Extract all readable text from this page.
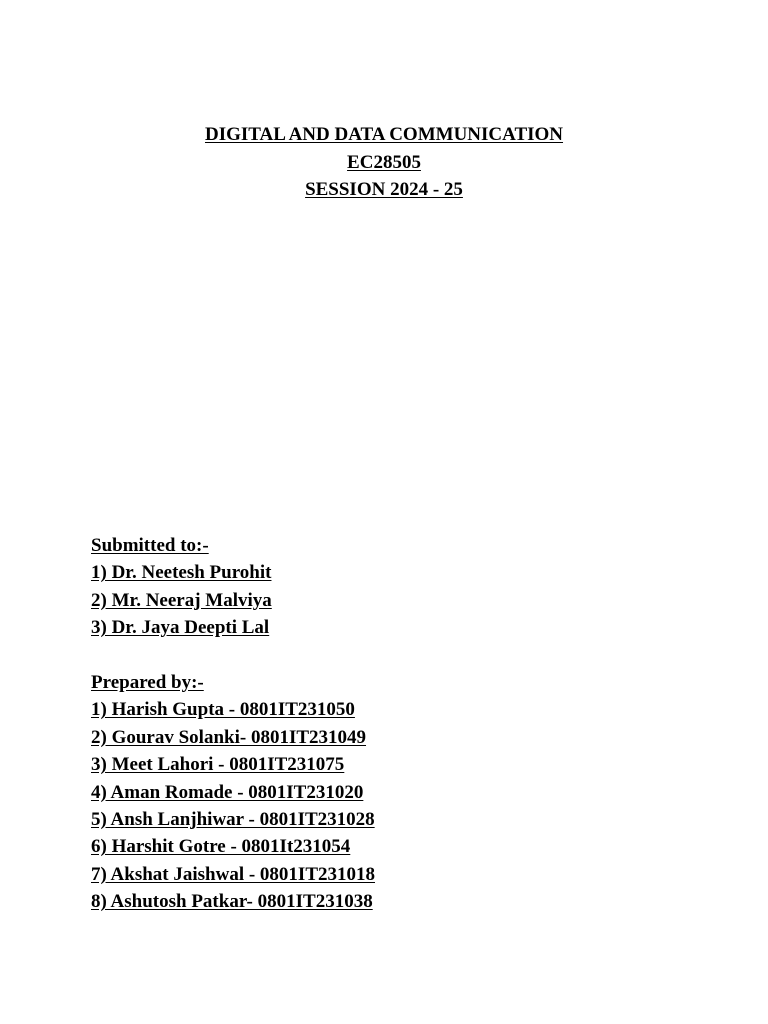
DIGITAL AND DATA COMMUNICATION
EC28505
SESSION 2024 - 25
Submitted to:-
1) Dr. Neetesh Purohit
2) Mr. Neeraj Malviya
3) Dr. Jaya Deepti Lal
Prepared by:-
1) Harish Gupta - 0801IT231050
2) Gourav Solanki- 0801IT231049
3) Meet Lahori - 0801IT231075
4) Aman Romade - 0801IT231020
5) Ansh Lanjhiwar - 0801IT231028
6) Harshit Gotre - 0801It231054
7) Akshat Jaishwal - 0801IT231018
8) Ashutosh Patkar- 0801IT231038
